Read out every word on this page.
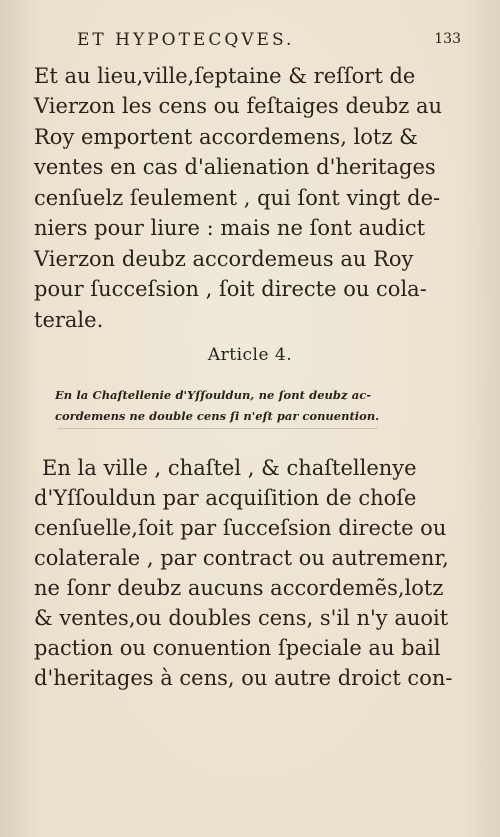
ET HYPOTECQVES.	133
Et au lieu,ville,ſeptaine & reſſort de
Vierzon les cens ou feſtaiges deubz au
Roy emportent accordemens, lotz &
ventes en cas d'alienation d'heritages
cenſuelz ſeulement , qui ſont vingt de-
niers pour liure : mais ne ſont audict
Vierzon deubz accordemeus au Roy
pour ſucceſsion , ſoit directe ou cola-
terale.
Article 4.
En la Chaſtellenie d'Yſſouldun, ne ſont deubz ac-
cordemens ne double cens ſi n'eſt par conuention.
En la ville , chaſtel , & chaſtellenye
d'Yſſouldun par acquiſition de choſe
cenſuelle,ſoit par ſucceſsion directe ou
colaterale , par contract ou autremenr,
ne ſonr deubz aucuns accordemẽs,lotz
& ventes,ou doubles cens, s'il n'y auoit
paction ou conuention ſpeciale au bail
d'heritages à cens, ou autre droict con-
